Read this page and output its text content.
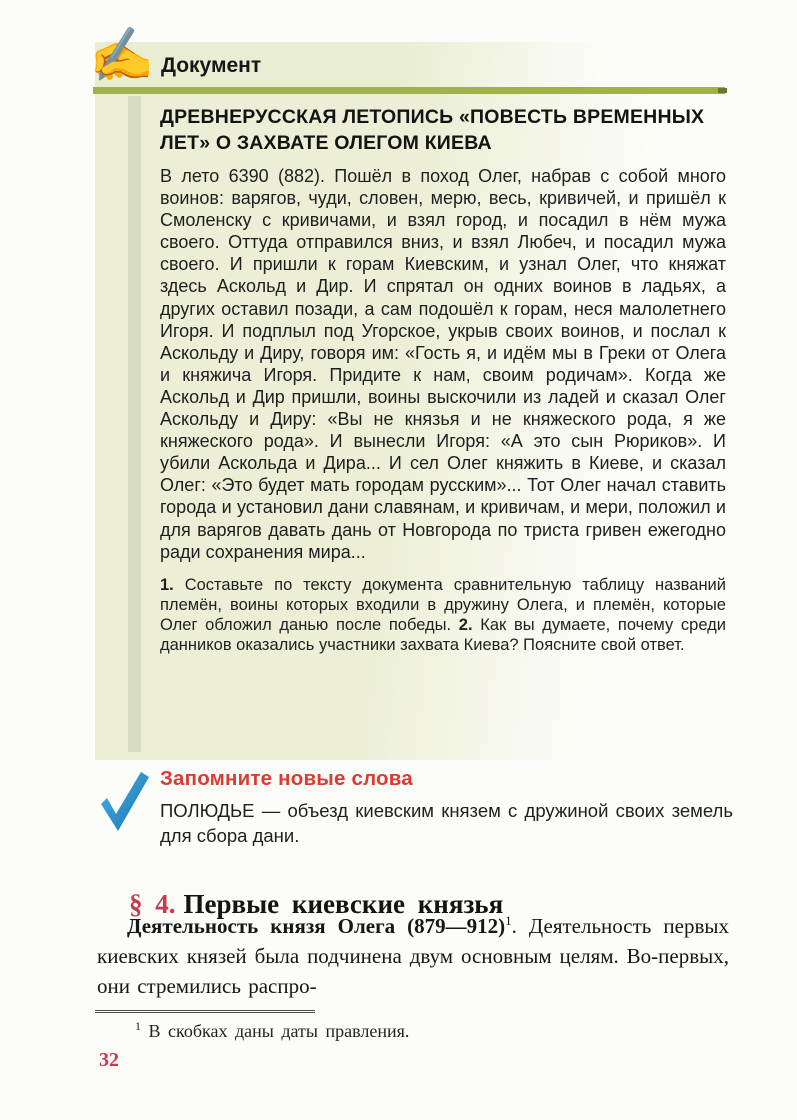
✍ Документ
ДРЕВНЕРУССКАЯ ЛЕТОПИСЬ «ПОВЕСТЬ ВРЕМЕННЫХ ЛЕТ» О ЗАХВАТЕ ОЛЕГОМ КИЕВА

В лето 6390 (882). Пошёл в поход Олег, набрав с собой много воинов: варягов, чуди, словен, мерю, весь, кривичей, и пришёл к Смоленску с кривичами, и взял город, и посадил в нём мужа своего. Оттуда отправился вниз, и взял Любеч, и посадил мужа своего. И пришли к горам Киевским, и узнал Олег, что княжат здесь Аскольд и Дир. И спрятал он одних воинов в ладьях, а других оставил позади, а сам подошёл к горам, неся малолетнего Игоря. И подплыл под Угорское, укрыв своих воинов, и послал к Аскольду и Диру, говоря им: «Гость я, и идём мы в Греки от Олега и княжича Игоря. Придите к нам, своим родичам». Когда же Аскольд и Дир пришли, воины выскочили из ладей и сказал Олег Аскольду и Диру: «Вы не князья и не княжеского рода, я же княжеского рода». И вынесли Игоря: «А это сын Рюриков». И убили Аскольда и Дира... И сел Олег княжить в Киеве, и сказал Олег: «Это будет мать городам русским»... Тот Олег начал ставить города и установил дани славянам, и кривичам, и мери, положил и для варягов давать дань от Новгорода по триста гривен ежегодно ради сохранения мира...

1. Составьте по тексту документа сравнительную таблицу названий племён, воины которых входили в дружину Олега, и племён, которые Олег обложил данью после победы. 2. Как вы думаете, почему среди данников оказались участники захвата Киева? Поясните свой ответ.

Запомните новые слова

ПОЛЮДЬЕ — объезд киевским князем с дружиной своих земель для сбора дани.

§ 4. Первые киевские князья

Деятельность князя Олега (879—912)$^1$. Деятельность первых киевских князей была подчинена двум основным целям. Во-первых, они стремились распро-

$^1$ В скобках даны даты правления.

32
